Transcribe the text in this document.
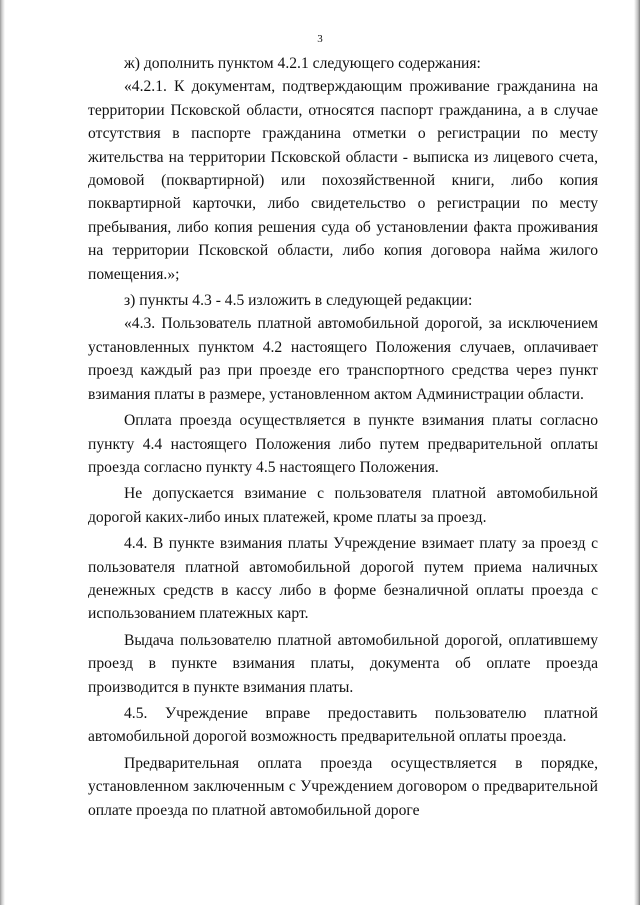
3

ж) дополнить пунктом 4.2.1 следующего содержания:

«4.2.1. К документам, подтверждающим проживание гражданина на территории Псковской области, относятся паспорт гражданина, а в случае отсутствия в паспорте гражданина отметки о регистрации по месту жительства на территории Псковской области - выписка из лицевого счета, домовой (поквартирной) или похозяйственной книги, либо копия поквартирной карточки, либо свидетельство о регистрации по месту пребывания, либо копия решения суда об установлении факта проживания на территории Псковской области, либо копия договора найма жилого помещения.»;

з) пункты 4.3 - 4.5 изложить в следующей редакции:

«4.3. Пользователь платной автомобильной дорогой, за исключением установленных пунктом 4.2 настоящего Положения случаев, оплачивает проезд каждый раз при проезде его транспортного средства через пункт взимания платы в размере, установленном актом Администрации области.

Оплата проезда осуществляется в пункте взимания платы согласно пункту 4.4 настоящего Положения либо путем предварительной оплаты проезда согласно пункту 4.5 настоящего Положения.

Не допускается взимание с пользователя платной автомобильной дорогой каких-либо иных платежей, кроме платы за проезд.

4.4. В пункте взимания платы Учреждение взимает плату за проезд с пользователя платной автомобильной дорогой путем приема наличных денежных средств в кассу либо в форме безналичной оплаты проезда с использованием платежных карт.

Выдача пользователю платной автомобильной дорогой, оплатившему проезд в пункте взимания платы, документа об оплате проезда производится в пункте взимания платы.

4.5. Учреждение вправе предоставить пользователю платной автомобильной дорогой возможность предварительной оплаты проезда.

Предварительная оплата проезда осуществляется в порядке, установленном заключенным с Учреждением договором о предварительной оплате проезда по платной автомобильной дороге
